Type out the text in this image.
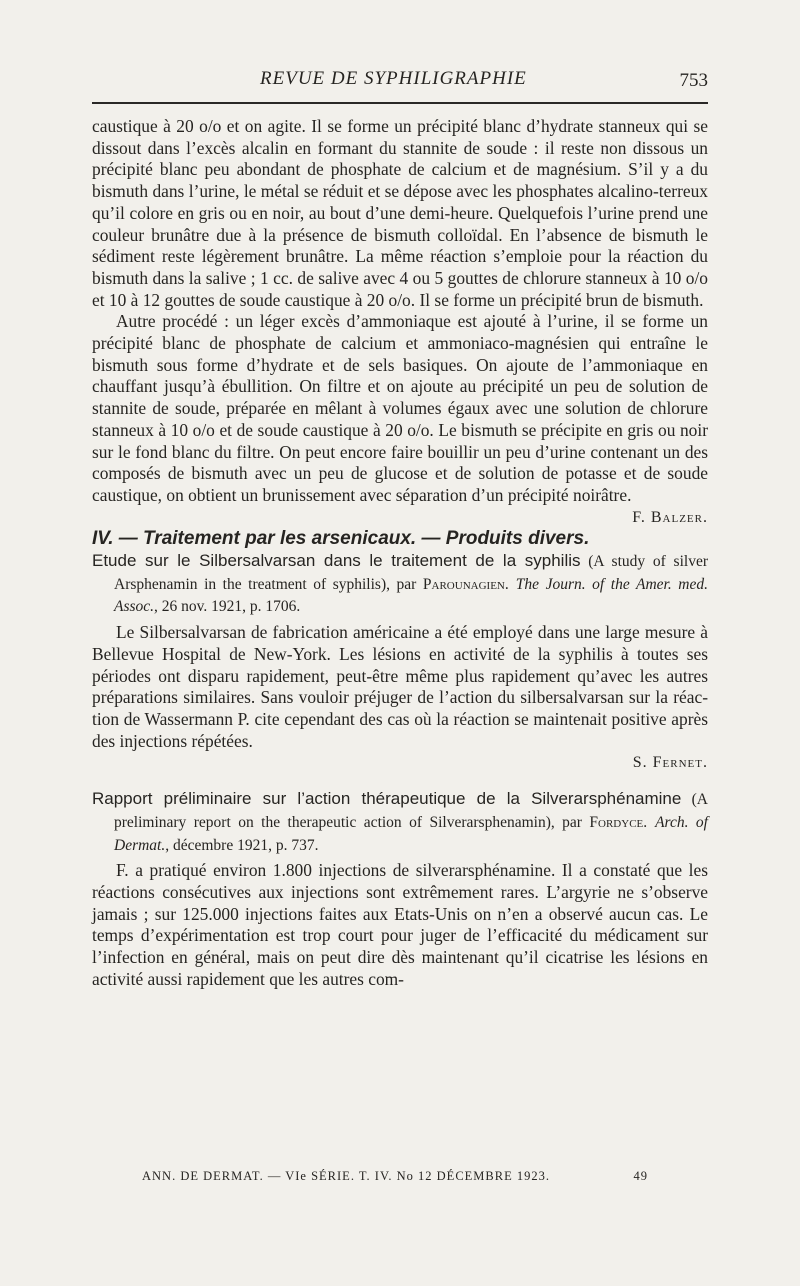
REVUE DE SYPHILIGRAPHIE	753

caustique à 20 o/o et on agite. Il se forme un précipité blanc d’hydrate stanneux qui se dissout dans l’excès alcalin en formant du stannite de soude : il reste non dissous un précipité blanc peu abondant de phosphate de calcium et de magnésium. S’il y a du bismuth dans l’urine, le métal se réduit et se dépose avec les phosphates alcalino-terreux qu’il colore en gris ou en noir, au bout d’une demi-heure. Quelquefois l’urine prend une couleur brunâtre due à la présence de bismuth colloïdal. En l’absence de bismuth le sédiment reste légèrement brunâtre. La même réaction s’emploie pour la réaction du bismuth dans la salive ; 1 cc. de salive avec 4 ou 5 gouttes de chlorure stanneux à 10 o/o et 10 à 12 gouttes de soude caustique à 20 o/o. Il se forme un précipité brun de bismuth.

Autre procédé : un léger excès d’ammoniaque est ajouté à l’urine, il se forme un précipité blanc de phosphate de calcium et ammoniaco-magnésien qui entraîne le bismuth sous forme d’hydrate et de sels basiques. On ajoute de l’ammoniaque en chauffant jusqu’à ébullition. On filtre et on ajoute au précipité un peu de solution de stannite de soude, préparée en mêlant à volumes égaux avec une solution de chlorure stanneux à 10 o/o et de soude caustique à 20 o/o. Le bismuth se précipite en gris ou noir sur le fond blanc du filtre. On peut encore faire bouillir un peu d’urine contenant un des composés de bismuth avec un peu de glucose et de solution de potasse et de soude caustique, on obtient un brunissement avec séparation d’un précipité noirâtre.

F. Balzer.

IV. — Traitement par les arsenicaux. — Produits divers.

Etude sur le Silbersalvarsan dans le traitement de la syphilis (A study of silver Arsphenamin in the treatment of syphilis), par Parounagien. The Journ. of the Amer. med. Assoc., 26 nov. 1921, p. 1706.

Le Silbersalvarsan de fabrication américaine a été employé dans une large mesure à Bellevue Hospital de New-York. Les lésions en activité de la syphilis à toutes ses périodes ont disparu rapidement, peut-être même plus rapidement qu’avec les autres préparations similaires. Sans vouloir préjuger de l’action du silbersalvarsan sur la réaction de Wassermann P. cite cependant des cas où la réaction se maintenait positive après des injections répétées.

S. Fernet.

Rapport préliminaire sur l’action thérapeutique de la Silverarsphénamine (A preliminary report on the therapeutic action of Silverarsphenamin), par Fordyce. Arch. of Dermat., décembre 1921, p. 737.

F. a pratiqué environ 1.800 injections de silverarsphénamine. Il a constaté que les réactions consécutives aux injections sont extrêmement rares. L’argyrie ne s’observe jamais ; sur 125.000 injections faites aux Etats-Unis on n’en a observé aucun cas. Le temps d’expérimentation est trop court pour juger de l’efficacité du médicament sur l’infection en général, mais on peut dire dès maintenant qu’il cicatrise les lésions en activité aussi rapidement que les autres com-

ANN. DE DERMAT. — VIe SÉRIE. T. IV. No 12 DÉCEMBRE 1923.	49
